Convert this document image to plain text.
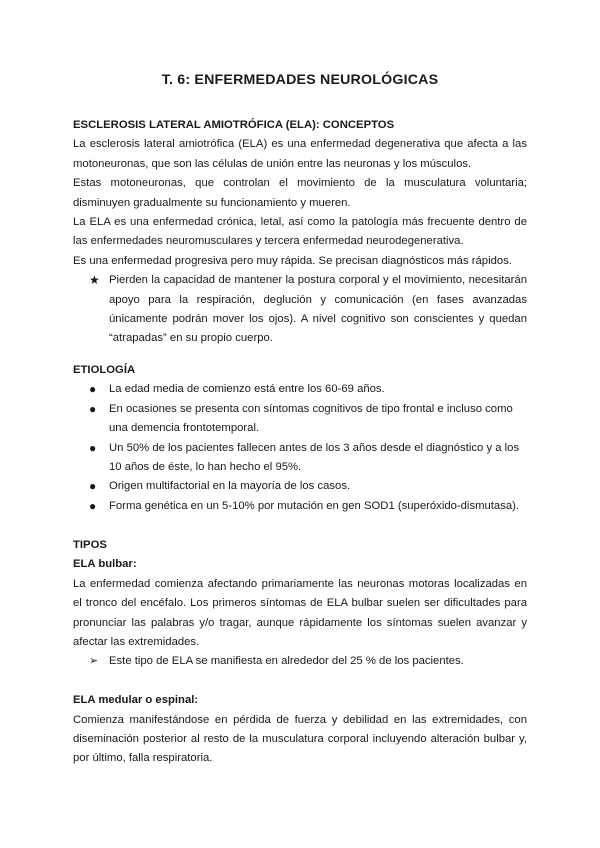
T. 6: ENFERMEDADES NEUROLÓGICAS

ESCLEROSIS LATERAL AMIOTRÓFICA (ELA): CONCEPTOS

La esclerosis lateral amiotrófica (ELA) es una enfermedad degenerativa que afecta a las motoneuronas, que son las células de unión entre las neuronas y los músculos.

Estas motoneuronas, que controlan el movimiento de la musculatura voluntaria; disminuyen gradualmente su funcionamiento y mueren.

La ELA es una enfermedad crónica, letal, así como la patología más frecuente dentro de las enfermedades neuromusculares y tercera enfermedad neurodegenerativa.

Es una enfermedad progresiva pero muy rápida. Se precisan diagnósticos más rápidos.

★ Pierden la capacidad de mantener la postura corporal y el movimiento, necesitarán apoyo para la respiración, deglución y comunicación (en fases avanzadas únicamente podrán mover los ojos). A nivel cognitivo son conscientes y quedan “atrapadas” en su propio cuerpo.

ETIOLOGÍA

●	La edad media de comienzo está entre los 60-69 años.
●	En ocasiones se presenta con síntomas cognitivos de tipo frontal e incluso como una demencia frontotemporal.
●	Un 50% de los pacientes fallecen antes de los 3 años desde el diagnóstico y a los 10 años de éste, lo han hecho el 95%.
●	Origen multifactorial en la mayoría de los casos.
●	Forma genética en un 5-10% por mutación en gen SOD1 (superóxido-dismutasa).

TIPOS

ELA bulbar:

La enfermedad comienza afectando primariamente las neuronas motoras localizadas en el tronco del encéfalo. Los primeros síntomas de ELA bulbar suelen ser dificultades para pronunciar las palabras y/o tragar, aunque rápidamente los síntomas suelen avanzar y afectar las extremidades.

➢ Este tipo de ELA se manifiesta en alrededor del 25 % de los pacientes.

ELA medular o espinal:

Comienza manifestándose en pérdida de fuerza y debilidad en las extremidades, con diseminación posterior al resto de la musculatura corporal incluyendo alteración bulbar y, por último, falla respiratoria.
